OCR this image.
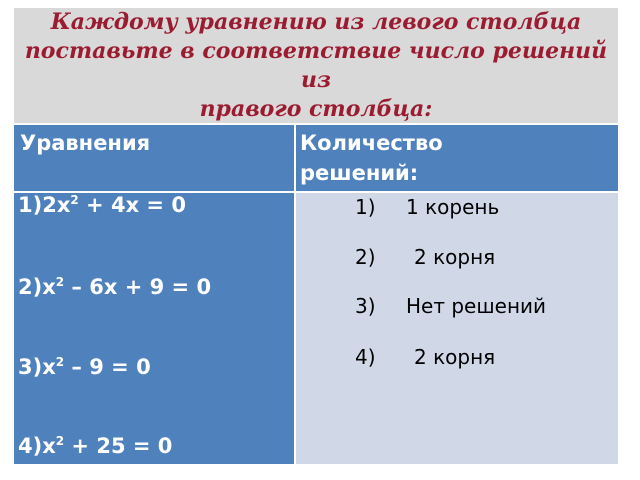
Каждому уравнению из левого столбца
поставьте в соответствие число решений из
правого столбца:

Уравнения	Количество
решений:
$1)2x^2 + 4x = 0$
$2)x^2 - 6x + 9 = 0$
$3)x^2 - 9 = 0$
$4)x^2 + 25 = 0$
1) 1 корень
2) 2 корня
3) Нет решений
4) 2 корня
